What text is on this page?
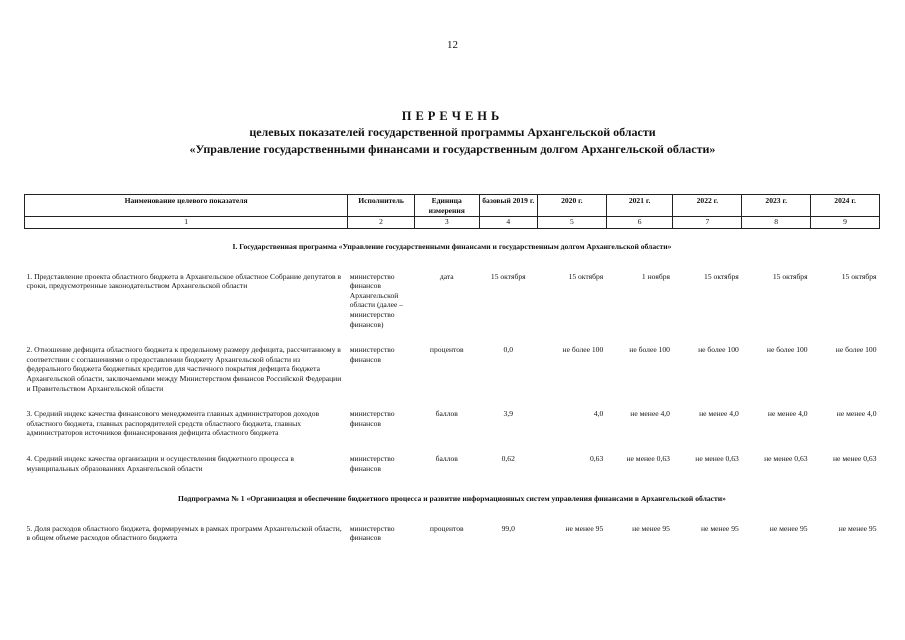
12
ПЕРЕЧЕНЬ
целевых показателей государственной программы Архангельской области
«Управление государственными финансами и государственным долгом Архангельской области»
Наименование целевого показателя	Исполнитель	Единица измерения	базовый 2019 г.	2020 г.	2021 г.	2022 г.	2023 г.	2024 г.
1	2	3	4	5	6	7	8	9
I. Государственная программа «Управление государственными финансами и государственным долгом Архангельской области»								
1. Представление проекта областного бюджета в Архангельское областное Собрание депутатов в сроки, предусмотренные законодательством Архангельской области	министерство финансов Архангельской области (далее – министерство финансов)	дата	15 октября	15 октября	1 ноября	15 октября	15 октября	15 октября
2. Отношение дефицита областного бюджета к предельному размеру дефицита, рассчитанному в соответствии с соглашениями о предоставлении бюджету Архангельской области из федерального бюджета бюджетных кредитов для частичного покрытия дефицита бюджета Архангельской области, заключаемыми между Министерством финансов Российской Федерации и Правительством Архангельской области	министерство финансов	процентов	0,0	не более 100	не более 100	не более 100	не более 100	не более 100
3. Средний индекс качества финансового менеджмента главных администраторов доходов областного бюджета, главных распорядителей средств областного бюджета, главных администраторов источников финансирования дефицита областного бюджета	министерство финансов	баллов	3,9	4,0	не менее 4,0	не менее 4,0	не менее 4,0	не менее 4,0
4. Средний индекс качества организации и осуществления бюджетного процесса в муниципальных образованиях Архангельской области	министерство финансов	баллов	0,62	0,63	не менее 0,63	не менее 0,63	не менее 0,63	не менее 0,63
Подпрограмма № 1 «Организация и обеспечение бюджетного процесса и развитие информационных систем управления финансами в Архангельской области»								
5. Доля расходов областного бюджета, формируемых в рамках программ Архангельской области, в общем объеме расходов областного бюджета	министерство финансов	процентов	99,0	не менее 95	не менее 95	не менее 95	не менее 95	не менее 95
